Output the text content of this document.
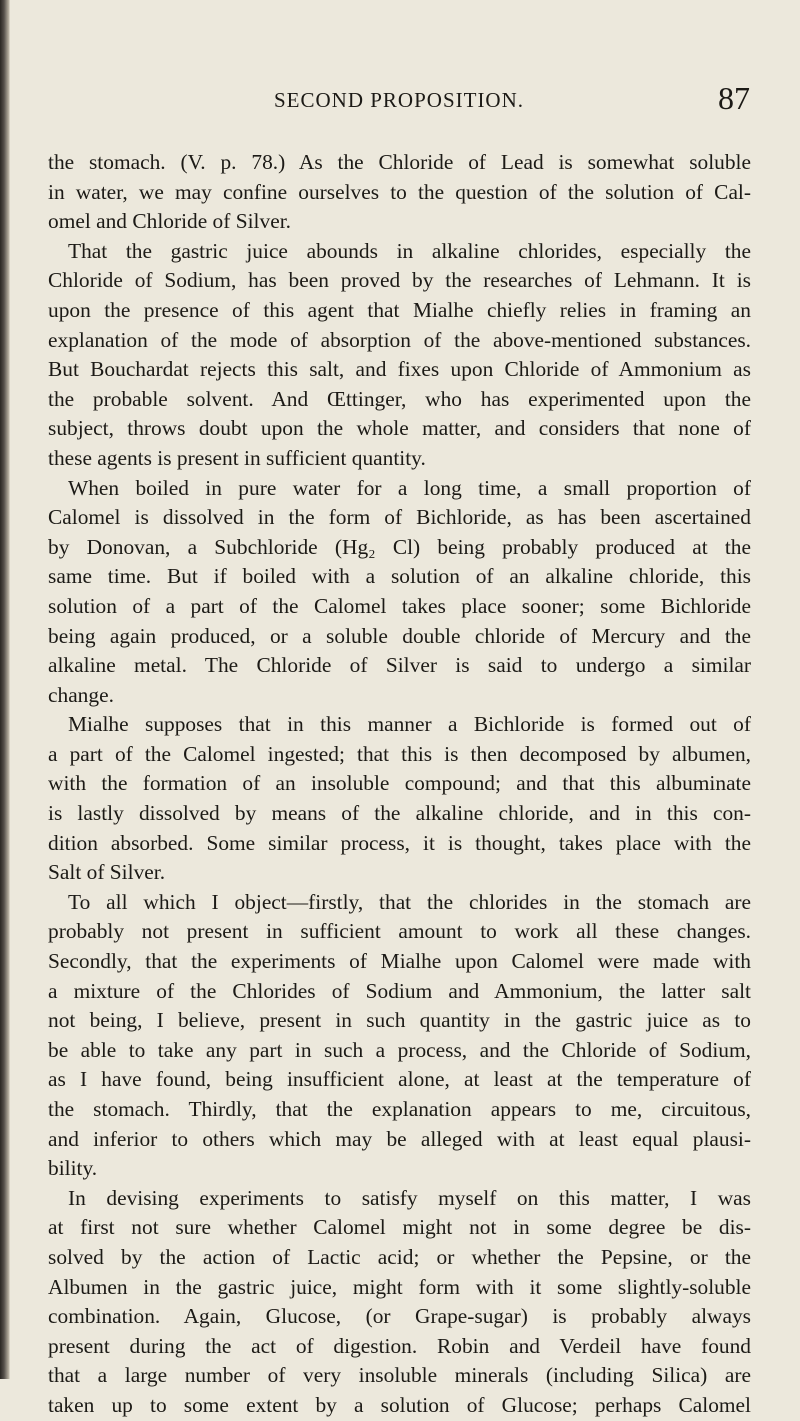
SECOND PROPOSITION.	87
the stomach. (V. p. 78.) As the Chloride of Lead is somewhat soluble
in water, we may confine ourselves to the question of the solution of Cal-
omel and Chloride of Silver.
That the gastric juice abounds in alkaline chlorides, especially the
Chloride of Sodium, has been proved by the researches of Lehmann. It is
upon the presence of this agent that Mialhe chiefly relies in framing an
explanation of the mode of absorption of the above-mentioned substances.
But Bouchardat rejects this salt, and fixes upon Chloride of Ammonium as
the probable solvent. And Œttinger, who has experimented upon the
subject, throws doubt upon the whole matter, and considers that none of
these agents is present in sufficient quantity.
When boiled in pure water for a long time, a small proportion of
Calomel is dissolved in the form of Bichloride, as has been ascertained
by Donovan, a Subchloride (Hg₂ Cl) being probably produced at the
same time. But if boiled with a solution of an alkaline chloride, this
solution of a part of the Calomel takes place sooner; some Bichloride
being again produced, or a soluble double chloride of Mercury and the
alkaline metal. The Chloride of Silver is said to undergo a similar
change.
Mialhe supposes that in this manner a Bichloride is formed out of
a part of the Calomel ingested; that this is then decomposed by albumen,
with the formation of an insoluble compound; and that this albuminate
is lastly dissolved by means of the alkaline chloride, and in this con-
dition absorbed. Some similar process, it is thought, takes place with the
Salt of Silver.
To all which I object—firstly, that the chlorides in the stomach are
probably not present in sufficient amount to work all these changes.
Secondly, that the experiments of Mialhe upon Calomel were made with
a mixture of the Chlorides of Sodium and Ammonium, the latter salt
not being, I believe, present in such quantity in the gastric juice as to
be able to take any part in such a process, and the Chloride of Sodium,
as I have found, being insufficient alone, at least at the temperature of
the stomach. Thirdly, that the explanation appears to me, circuitous,
and inferior to others which may be alleged with at least equal plausi-
bility.
In devising experiments to satisfy myself on this matter, I was
at first not sure whether Calomel might not in some degree be dis-
solved by the action of Lactic acid; or whether the Pepsine, or the
Albumen in the gastric juice, might form with it some slightly-soluble
combination. Again, Glucose, (or Grape-sugar) is probably always
present during the act of digestion. Robin and Verdeil have found
that a large number of very insoluble minerals (including Silica) are
taken up to some extent by a solution of Glucose; perhaps Calomel
